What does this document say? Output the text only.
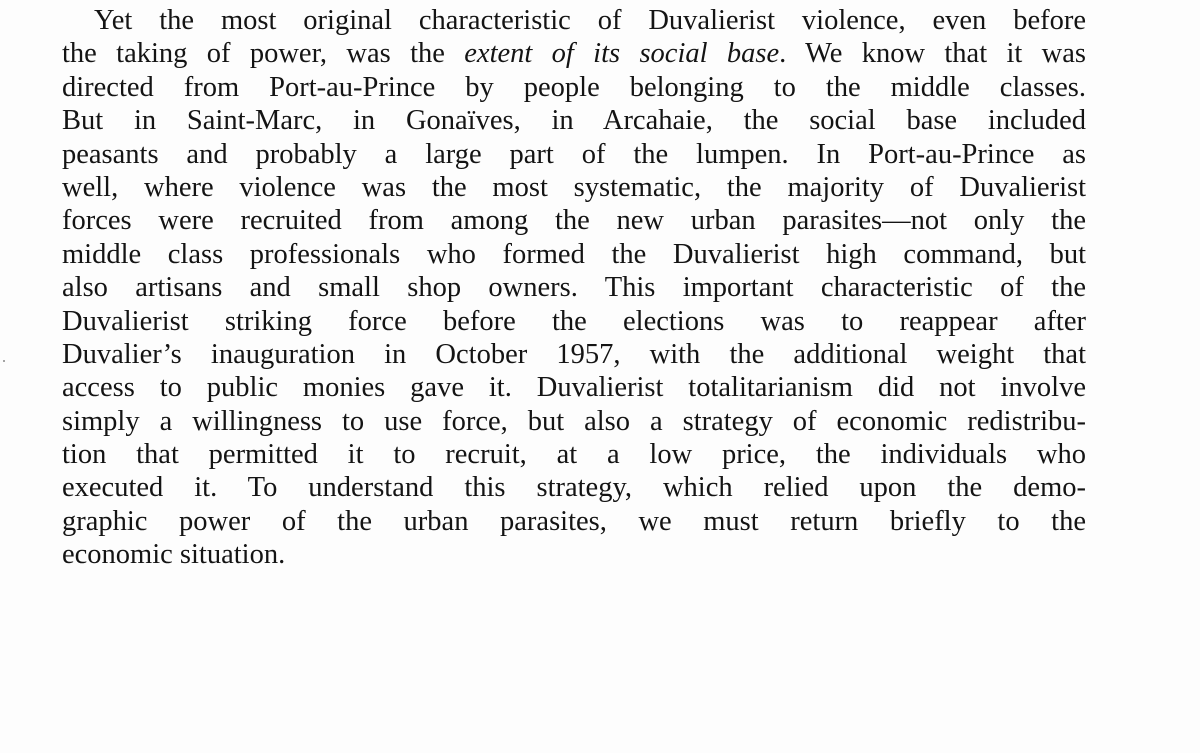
Yet the most original characteristic of Duvalierist violence, even before
the taking of power, was the extent of its social base. We know that it was
directed from Port-au-Prince by people belonging to the middle classes.
But in Saint-Marc, in Gonaïves, in Arcahaie, the social base included
peasants and probably a large part of the lumpen. In Port-au-Prince as
well, where violence was the most systematic, the majority of Duvalierist
forces were recruited from among the new urban parasites—not only the
middle class professionals who formed the Duvalierist high command, but
also artisans and small shop owners. This important characteristic of the
Duvalierist striking force before the elections was to reappear after
Duvalier’s inauguration in October 1957, with the additional weight that
access to public monies gave it. Duvalierist totalitarianism did not involve
simply a willingness to use force, but also a strategy of economic redistribu-
tion that permitted it to recruit, at a low price, the individuals who
executed it. To understand this strategy, which relied upon the demo-
graphic power of the urban parasites, we must return briefly to the
economic situation.
